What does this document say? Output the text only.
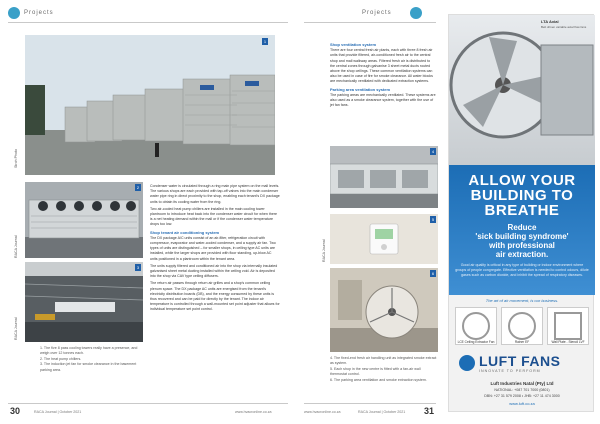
Projects
1
Stroh Photo
2
RACA Journal
3
RACA Journal
1. The five 8 pass cooling towers really have a presence, and weigh over 12 tonnes each.
2. The heat pump chillers.
3. The induction jet fan for smoke clearance in the basement parking area.

Condenser water is circulated through a ring main pipe system on the mall levels. The various shops are each provided with tap-off valves into the main condenser water pipe ring in direct proximity to the shop, enabling each tenant's DX package units to obtain its cooling water from the ring.

Two air-cooled heat pump chillers are installed in the main cooling tower plantroom to introduce heat back into the condenser water circuit for when there is a net heating demand within the mall or if the condenser water temperature drops too low.

Shop tenant air conditioning system

The DX package A/C units consist of an air-filter, refrigeration circuit with compressor, evaporator and water-cooled condenser, and a supply air fan. Two types of units are distinguished – for smaller shops, in ceiling type AC units are installed, while the larger shops are provided with floor standing, up-blow AC units positioned in a plantroom within the tenant area.

The units supply filtered and conditioned air into the shop via internally insulated galvanised sheet metal ducting installed within the ceiling void. Air is deposited into the shop via CAV type ceiling diffusers.

The return air passes through return air grilles and a shop's common ceiling plenum space. The DX package AC units are energised from the tenant's electricity distribution boards (DB), and the energy consumed by these units is thus recovered and can be paid for directly by the tenant. The indoor air temperature is controlled through a wall-mounted set point adjuster that allows for individual temperature set point control.

30	RACA Journal | October 2021	www.hvacronline.co.za
Projects
Shop ventilation system

There are four central fresh air plants, each with three 8 fresh air units that provide filtered, air-conditioned fresh air to the central shop and mall walkway areas. Filtered fresh air is distributed to the central zones through galvanise 3 sheet metal ducts routed above the shop ceilings. These common ventilation systems can also be used in case of fire for smoke clearance. All water blocks are mechanically ventilated with dedicated extraction systems.

Parking area ventilation system

The parking areas are mechanically ventilated. These systems are also used as a smoke clearance system, together with the use of jet fan fans.

4
5
6
RACA Journal
4. The fixed-end fresh air handling unit as integrated smoke extract as system.
5. Each shop in the new centre is fitted with a fan-air wall thermostat control.
6. The parking area ventilation and smoke extraction system.
www.hvacronline.co.za	RACA Journal | October 2021 31
LTA Axial
Belt driven variable axial flow fans
ALLOW YOUR
BUILDING TO
BREATHE
Reduce
'sick building syndrome'
with professional
air extraction.
Good air quality is critical in any type of building or indoor environment where groups of people congregate. Effective ventilation is needed to control odours, dilute gases such as carbon dioxide, and inhibit the spread of respiratory diseases.
The art of air movement, is our business.
LCE Ceiling Extractor Fan	Rainer EF	Wall Plate - Stencil LVF
LUFT FANS
INNOVATE TO PERFORM
Luft Industries Natal (Pty) Ltd
NATIONAL: +087 701 7000 (0801)
DBN: +27 31 579 2008 • JHB: +27 11 474 3000
www.luft.co.za
